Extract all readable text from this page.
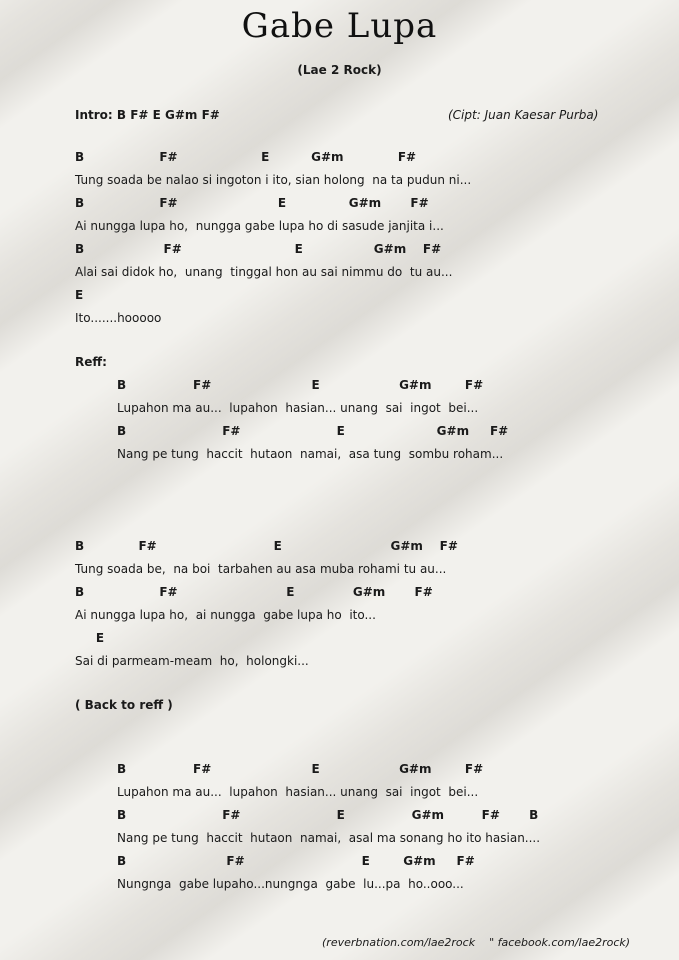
Gabe Lupa
(Lae 2 Rock)
Intro: B F# E G#m F#	(Cipt: Juan Kaesar Purba)
B                  F#                    E          G#m             F#
Tung soada be nalao si ingoton i ito, sian holong  na ta pudun ni...
B                  F#                        E               G#m       F#
Ai nungga lupa ho,  nungga gabe lupa ho di sasude janjita i...
B                   F#                           E                 G#m    F#
Alai sai didok ho,  unang  tinggal hon au sai nimmu do  tu au...
E
Ito.......hooooo
Reff:
B                F#                        E                   G#m        F#
Lupahon ma au...  lupahon  hasian... unang  sai  ingot  bei...
B                       F#                       E                      G#m     F#
Nang pe tung  haccit  hutaon  namai,  asa tung  sombu roham...
B             F#                            E                          G#m    F#
Tung soada be,  na boi  tarbahen au asa muba rohami tu au...
B                  F#                          E              G#m       F#
Ai nungga lupa ho,  ai nungga  gabe lupa ho  ito...
E
Sai di parmeam-meam  ho,  holongki...
( Back to reff )
B                F#                        E                   G#m        F#
Lupahon ma au...  lupahon  hasian... unang  sai  ingot  bei...
B                       F#                       E                G#m         F#       B
Nang pe tung  haccit  hutaon  namai,  asal ma sonang ho ito hasian....
B                        F#                            E        G#m     F#
Nungnga  gabe lupaho...nungnga  gabe  lu...pa  ho..ooo...
(reverbnation.com/lae2rock    " facebook.com/lae2rock)
